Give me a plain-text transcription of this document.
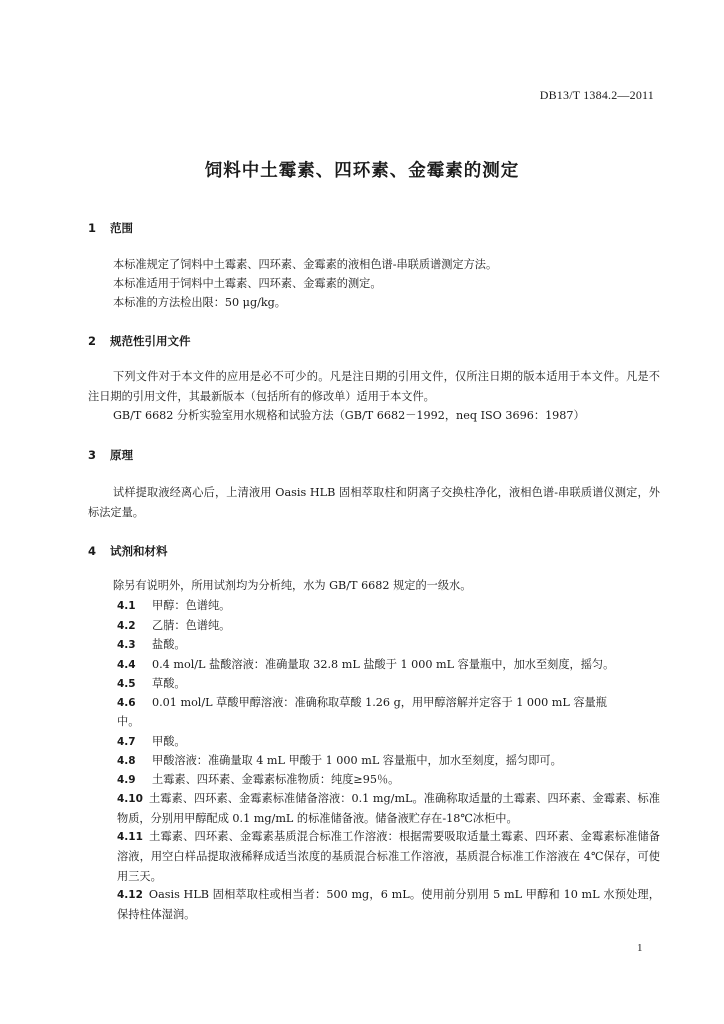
DB13/T 1384.2—2011
饲料中土霉素、四环素、金霉素的测定
1 范围
本标准规定了饲料中土霉素、四环素、金霉素的液相色谱-串联质谱测定方法。
本标准适用于饲料中土霉素、四环素、金霉素的测定。
本标准的方法检出限：50 μg/kg。
2 规范性引用文件
下列文件对于本文件的应用是必不可少的。凡是注日期的引用文件，仅所注日期的版本适用于本文件。凡是不注日期的引用文件，其最新版本（包括所有的修改单）适用于本文件。
GB/T 6682 分析实验室用水规格和试验方法（GB/T 6682－1992，neq ISO 3696：1987）
3 原理
试样提取液经离心后，上清液用 Oasis HLB 固相萃取柱和阴离子交换柱净化，液相色谱-串联质谱仪测定，外标法定量。
4 试剂和材料
除另有说明外，所用试剂均为分析纯，水为 GB/T 6682 规定的一级水。
4.1 甲醇：色谱纯。
4.2 乙腈：色谱纯。
4.3 盐酸。
4.4 0.4 mol/L 盐酸溶液：准确量取 32.8 mL 盐酸于 1 000 mL 容量瓶中，加水至刻度，摇匀。
4.5 草酸。
4.6 0.01 mol/L 草酸甲醇溶液：准确称取草酸 1.26 g，用甲醇溶解并定容于 1 000 mL 容量瓶
中。
4.7 甲酸。
4.8 甲酸溶液：准确量取 4 mL 甲酸于 1 000 mL 容量瓶中，加水至刻度，摇匀即可。
4.9 土霉素、四环素、金霉素标准物质：纯度≥95％。
4.10 土霉素、四环素、金霉素标准储备溶液：0.1 mg/mL。准确称取适量的土霉素、四环素、金霉素、标准物质，分别用甲醇配成 0.1 mg/mL 的标准储备液。储备液贮存在-18℃冰柜中。
4.11 土霉素、四环素、金霉素基质混合标准工作溶液：根据需要吸取适量土霉素、四环素、金霉素标准储备溶液，用空白样品提取液稀释成适当浓度的基质混合标准工作溶液，基质混合标准工作溶液在 4℃保存，可使用三天。
4.12 Oasis HLB 固相萃取柱或相当者：500 mg，6 mL。使用前分别用 5 mL 甲醇和 10 mL 水预处理，保持柱体湿润。
1
